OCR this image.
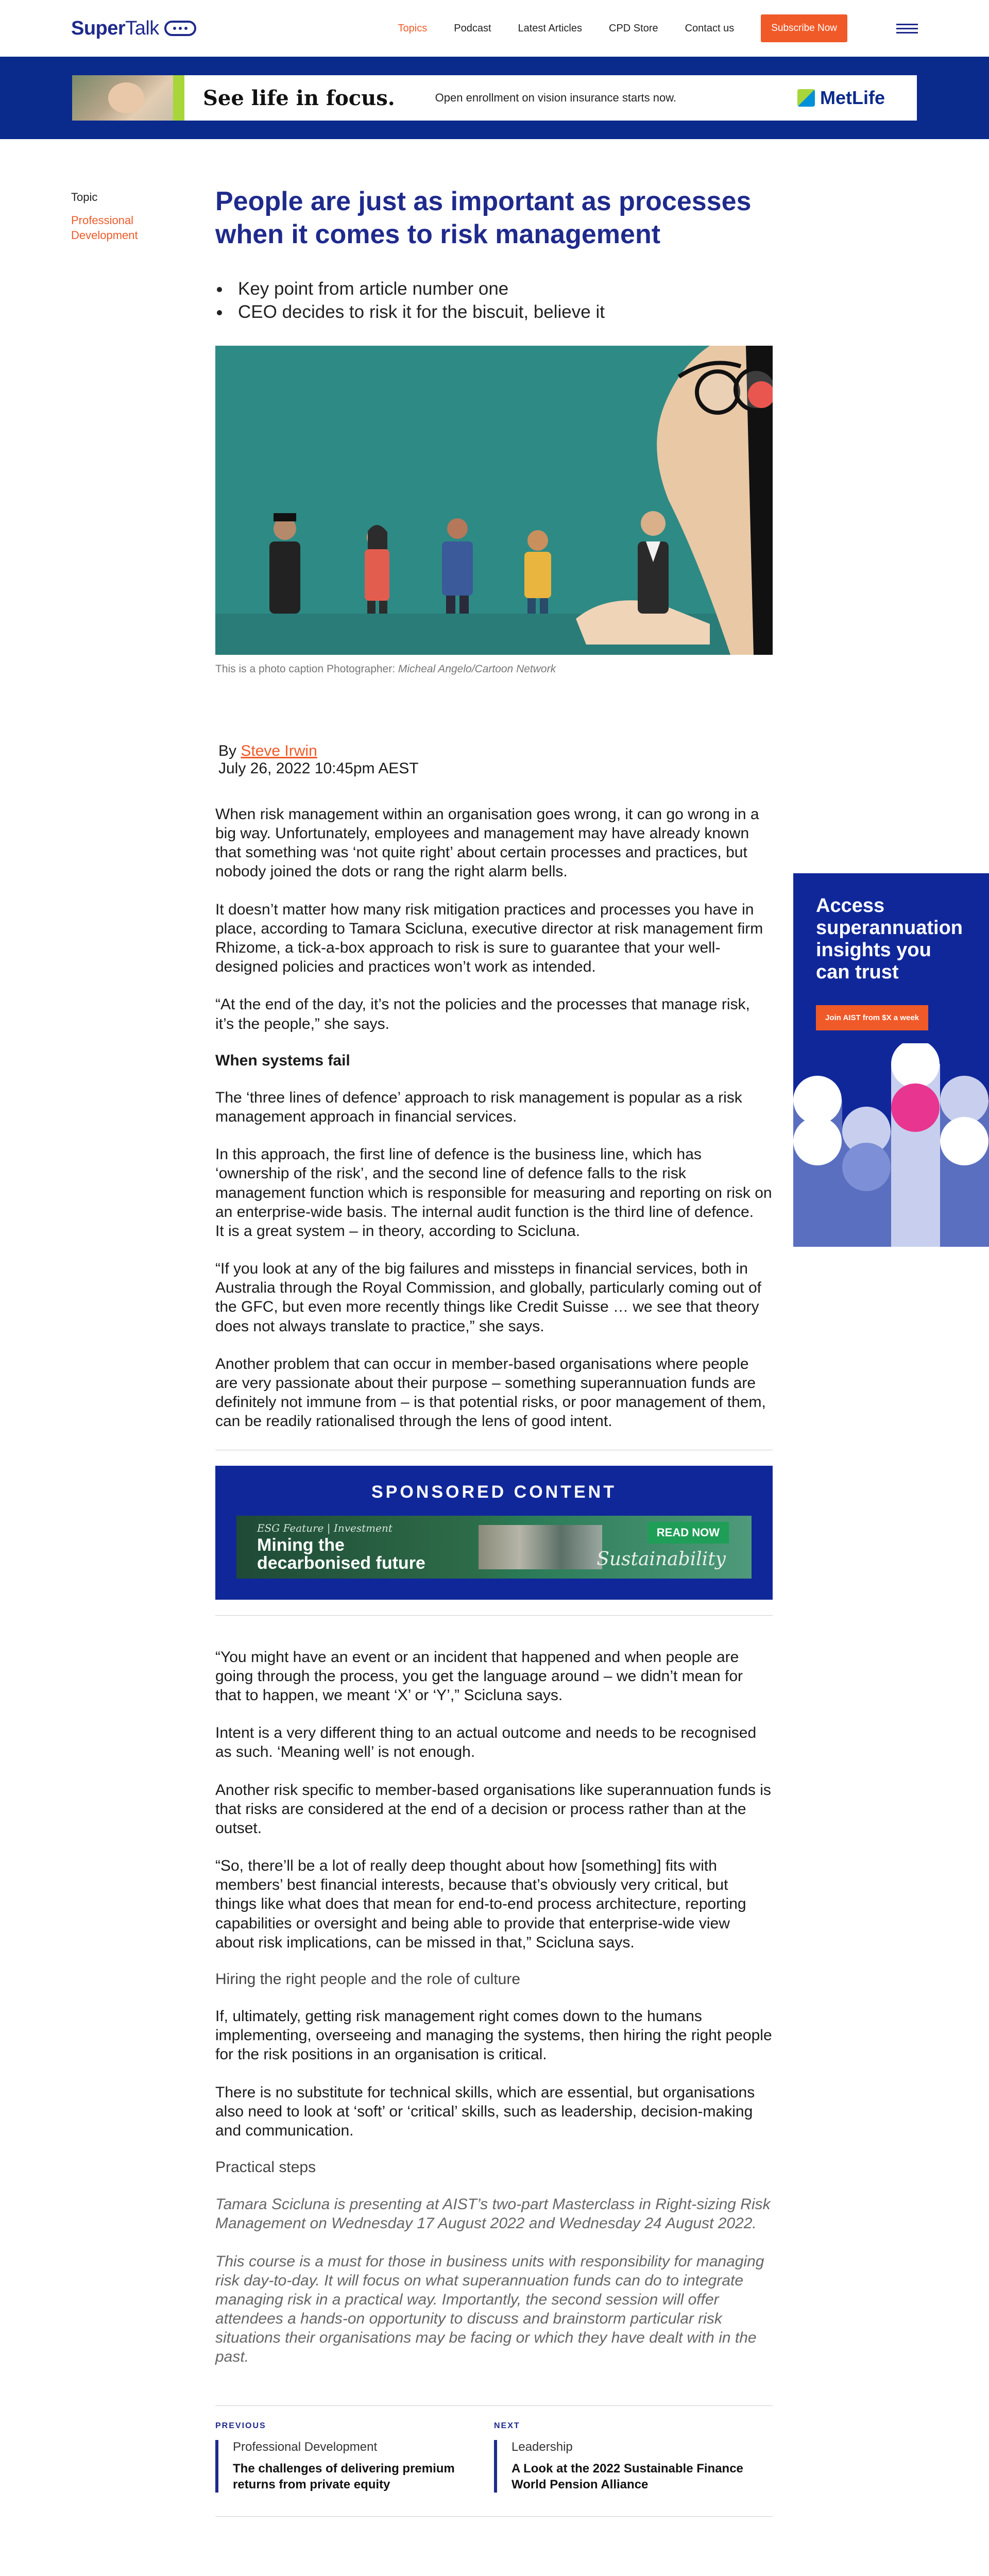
Super Talk	Topics	Podcast	Latest Articles	CPD Store	Contact us	Subscribe Now
See life in focus.	Open enrollment on vision insurance starts now.	MetLife
Topic
Professional Development
People are just as important as processes when it comes to risk management
• Key point from article number one
• CEO decides to risk it for the biscuit, believe it

This is a photo caption Photographer: Micheal Angelo/Cartoon Network

By Steve Irwin
July 26, 2022 10:45pm AEST

When risk management within an organisation goes wrong, it can go wrong in a big way. Unfortunately, employees and management may have already known that something was ‘not quite right’ about certain processes and practices, but nobody joined the dots or rang the right alarm bells.

It doesn’t matter how many risk mitigation practices and processes you have in place, according to Tamara Scicluna, executive director at risk management firm Rhizome, a tick-a-box approach to risk is sure to guarantee that your well-designed policies and practices won’t work as intended.

“At the end of the day, it’s not the policies and the processes that manage risk, it’s the people,” she says.

When systems fail

The ‘three lines of defence’ approach to risk management is popular as a risk management approach in financial services.

In this approach, the first line of defence is the business line, which has ‘ownership of the risk’, and the second line of defence falls to the risk management function which is responsible for measuring and reporting on risk on an enterprise-wide basis. The internal audit function is the third line of defence.
It is a great system – in theory, according to Scicluna.

“If you look at any of the big failures and missteps in financial services, both in Australia through the Royal Commission, and globally, particularly coming out of the GFC, but even more recently things like Credit Suisse … we see that theory does not always translate to practice,” she says.

Another problem that can occur in member-based organisations where people are very passionate about their purpose – something superannuation funds are definitely not immune from – is that potential risks, or poor management of them, can be readily rationalised through the lens of good intent.

SPONSORED CONTENT
ESG Feature | Investment
Mining the decarbonised future
READ NOW
Sustainability

“You might have an event or an incident that happened and when people are going through the process, you get the language around – we didn’t mean for that to happen, we meant ‘X’ or ‘Y’,” Scicluna says.

Intent is a very different thing to an actual outcome and needs to be recognised as such. ‘Meaning well’ is not enough.

Another risk specific to member-based organisations like superannuation funds is that risks are considered at the end of a decision or process rather than at the outset.

“So, there’ll be a lot of really deep thought about how [something] fits with members’ best financial interests, because that’s obviously very critical, but things like what does that mean for end-to-end process architecture, reporting capabilities or oversight and being able to provide that enterprise-wide view about risk implications, can be missed in that,” Scicluna says.

Hiring the right people and the role of culture

If, ultimately, getting risk management right comes down to the humans implementing, overseeing and managing the systems, then hiring the right people for the risk positions in an organisation is critical.

There is no substitute for technical skills, which are essential, but organisations also need to look at ‘soft’ or ‘critical’ skills, such as leadership, decision-making and communication.

Practical steps

Tamara Scicluna is presenting at AIST’s two-part Masterclass in Right-sizing Risk Management on Wednesday 17 August 2022 and Wednesday 24 August 2022.

This course is a must for those in business units with responsibility for managing risk day-to-day. It will focus on what superannuation funds can do to integrate managing risk in a practical way. Importantly, the second session will offer attendees a hands-on opportunity to discuss and brainstorm particular risk situations their organisations may be facing or which they have dealt with in the past.

PREVIOUS
Professional Development
The challenges of delivering premium returns from private equity
NEXT
Leadership
A Look at the 2022 Sustainable Finance World Pension Alliance
Access superannuation insights you can trust
Join AIST from $X a week
